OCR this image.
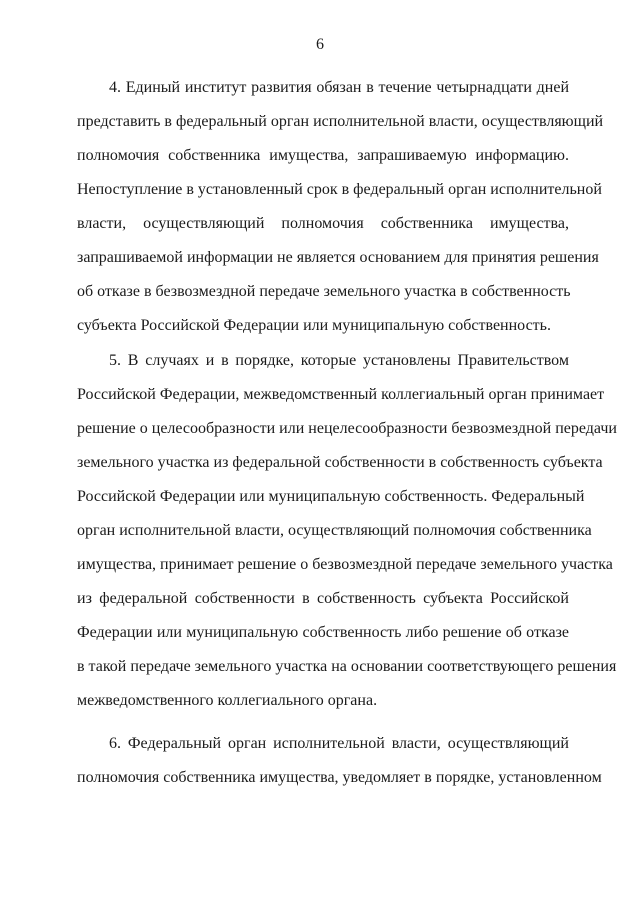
6
4. Единый институт развития обязан в течение четырнадцати дней
представить в федеральный орган исполнительной власти, осуществляющий
полномочия собственника имущества, запрашиваемую информацию.
Непоступление в установленный срок в федеральный орган исполнительной
власти, осуществляющий полномочия собственника имущества,
запрашиваемой информации не является основанием для принятия решения
об отказе в безвозмездной передаче земельного участка в собственность
субъекта Российской Федерации или муниципальную собственность.
5. В случаях и в порядке, которые установлены Правительством
Российской Федерации, межведомственный коллегиальный орган принимает
решение о целесообразности или нецелесообразности безвозмездной передачи
земельного участка из федеральной собственности в собственность субъекта
Российской Федерации или муниципальную собственность. Федеральный
орган исполнительной власти, осуществляющий полномочия собственника
имущества, принимает решение о безвозмездной передаче земельного участка
из федеральной собственности в собственность субъекта Российской
Федерации или муниципальную собственность либо решение об отказе
в такой передаче земельного участка на основании соответствующего решения
межведомственного коллегиального органа.
6. Федеральный орган исполнительной власти, осуществляющий
полномочия собственника имущества, уведомляет в порядке, установленном
